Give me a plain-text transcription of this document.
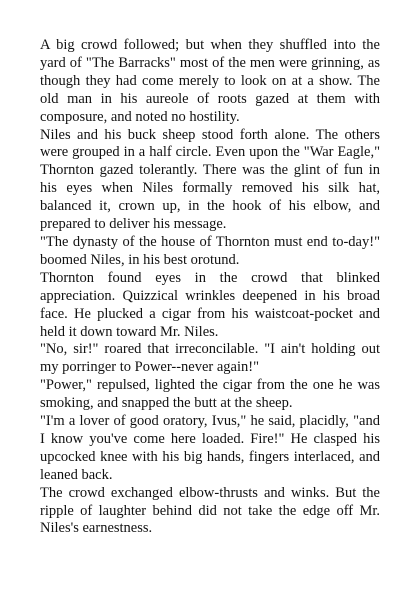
A big crowd followed; but when they shuffled into the yard of "The Barracks" most of the men were grinning, as though they had come merely to look on at a show. The old man in his aureole of roots gazed at them with composure, and noted no hostility.

Niles and his buck sheep stood forth alone. The others were grouped in a half circle. Even upon the "War Eagle," Thornton gazed tolerantly. There was the glint of fun in his eyes when Niles formally removed his silk hat, balanced it, crown up, in the hook of his elbow, and prepared to deliver his message.

"The dynasty of the house of Thornton must end to-day!" boomed Niles, in his best orotund.

Thornton found eyes in the crowd that blinked appreciation. Quizzical wrinkles deepened in his broad face. He plucked a cigar from his waistcoat-pocket and held it down toward Mr. Niles.

"No, sir!" roared that irreconcilable. "I ain't holding out my porringer to Power--never again!"

"Power," repulsed, lighted the cigar from the one he was smoking, and snapped the butt at the sheep.

"I'm a lover of good oratory, Ivus," he said, placidly, "and I know you've come here loaded. Fire!" He clasped his upcocked knee with his big hands, fingers interlaced, and leaned back.

The crowd exchanged elbow-thrusts and winks. But the ripple of laughter behind did not take the edge off Mr. Niles's earnestness.
